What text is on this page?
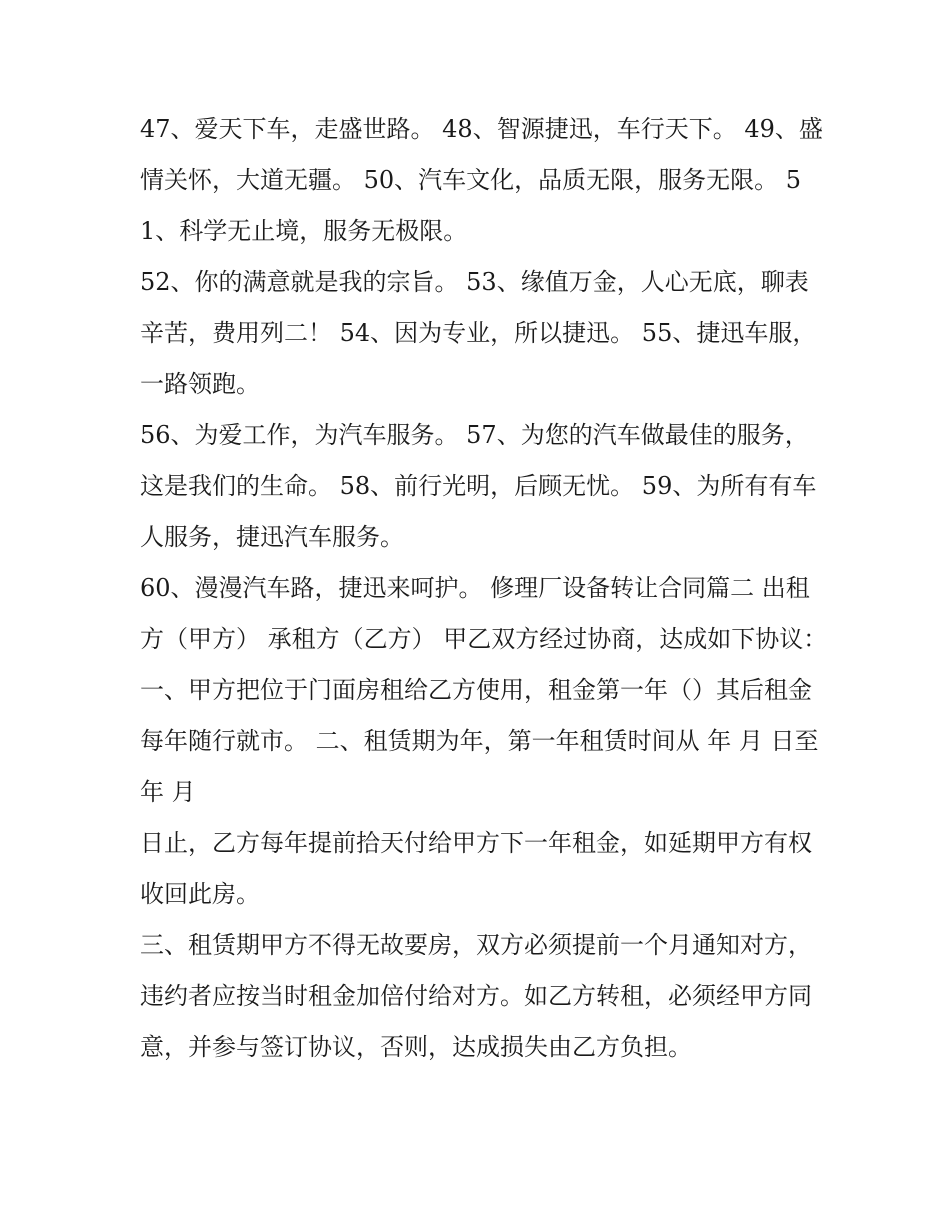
47、爱天下车，走盛世路。 48、智源捷迅，车行天下。 49、盛情关怀，大道无疆。 50、汽车文化，品质无限，服务无限。 51、科学无止境，服务无极限。

52、你的满意就是我的宗旨。 53、缘值万金，人心无底，聊表辛苦，费用列二！ 54、因为专业，所以捷迅。 55、捷迅车服，一路领跑。

56、为爱工作，为汽车服务。 57、为您的汽车做最佳的服务，这是我们的生命。 58、前行光明，后顾无忧。 59、为所有有车人服务，捷迅汽车服务。

60、漫漫汽车路，捷迅来呵护。 修理厂设备转让合同篇二 出租方（甲方） 承租方（乙方） 甲乙双方经过协商，达成如下协议：

一、甲方把位于门面房租给乙方使用，租金第一年（）其后租金每年随行就市。 二、租赁期为年，第一年租赁时间从 年 月 日至 年 月

日止，乙方每年提前拾天付给甲方下一年租金，如延期甲方有权收回此房。

三、租赁期甲方不得无故要房，双方必须提前一个月通知对方，违约者应按当时租金加倍付给对方。如乙方转租，必须经甲方同意，并参与签订协议，否则，达成损失由乙方负担。
